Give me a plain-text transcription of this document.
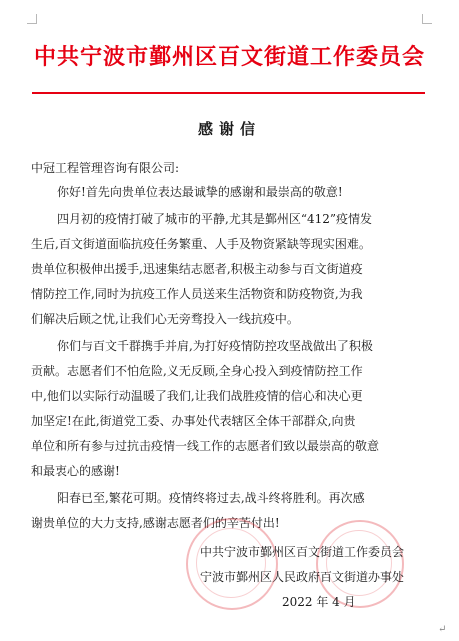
中共宁波市鄞州区百文街道工作委员会
感谢信
中冠工程管理咨询有限公司:
你好!首先向贵单位表达最诚挚的感谢和最崇高的敬意!
四月初的疫情打破了城市的平静,尤其是鄞州区“412”疫情发
生后,百文街道面临抗疫任务繁重、人手及物资紧缺等现实困难。
贵单位积极伸出援手,迅速集结志愿者,积极主动参与百文街道疫
情防控工作,同时为抗疫工作人员送来生活物资和防疫物资,为我
们解决后顾之忧,让我们心无旁骛投入一线抗疫中。
你们与百文千群携手并肩,为打好疫情防控攻坚战做出了积极
贡献。志愿者们不怕危险,义无反顾,全身心投入到疫情防控工作
中,他们以实际行动温暖了我们,让我们战胜疫情的信心和决心更
加坚定!在此,街道党工委、办事处代表辖区全体干部群众,向贵
单位和所有参与过抗击疫情一线工作的志愿者们致以最崇高的敬意
和最衷心的感谢!
阳春已至,繁花可期。疫情终将过去,战斗终将胜利。再次感
谢贵单位的大力支持,感谢志愿者们的辛苦付出!
中共宁波市鄞州区百文街道工作委员会
宁波市鄞州区人民政府百文街道办事处
2022 年 4 月
↵
